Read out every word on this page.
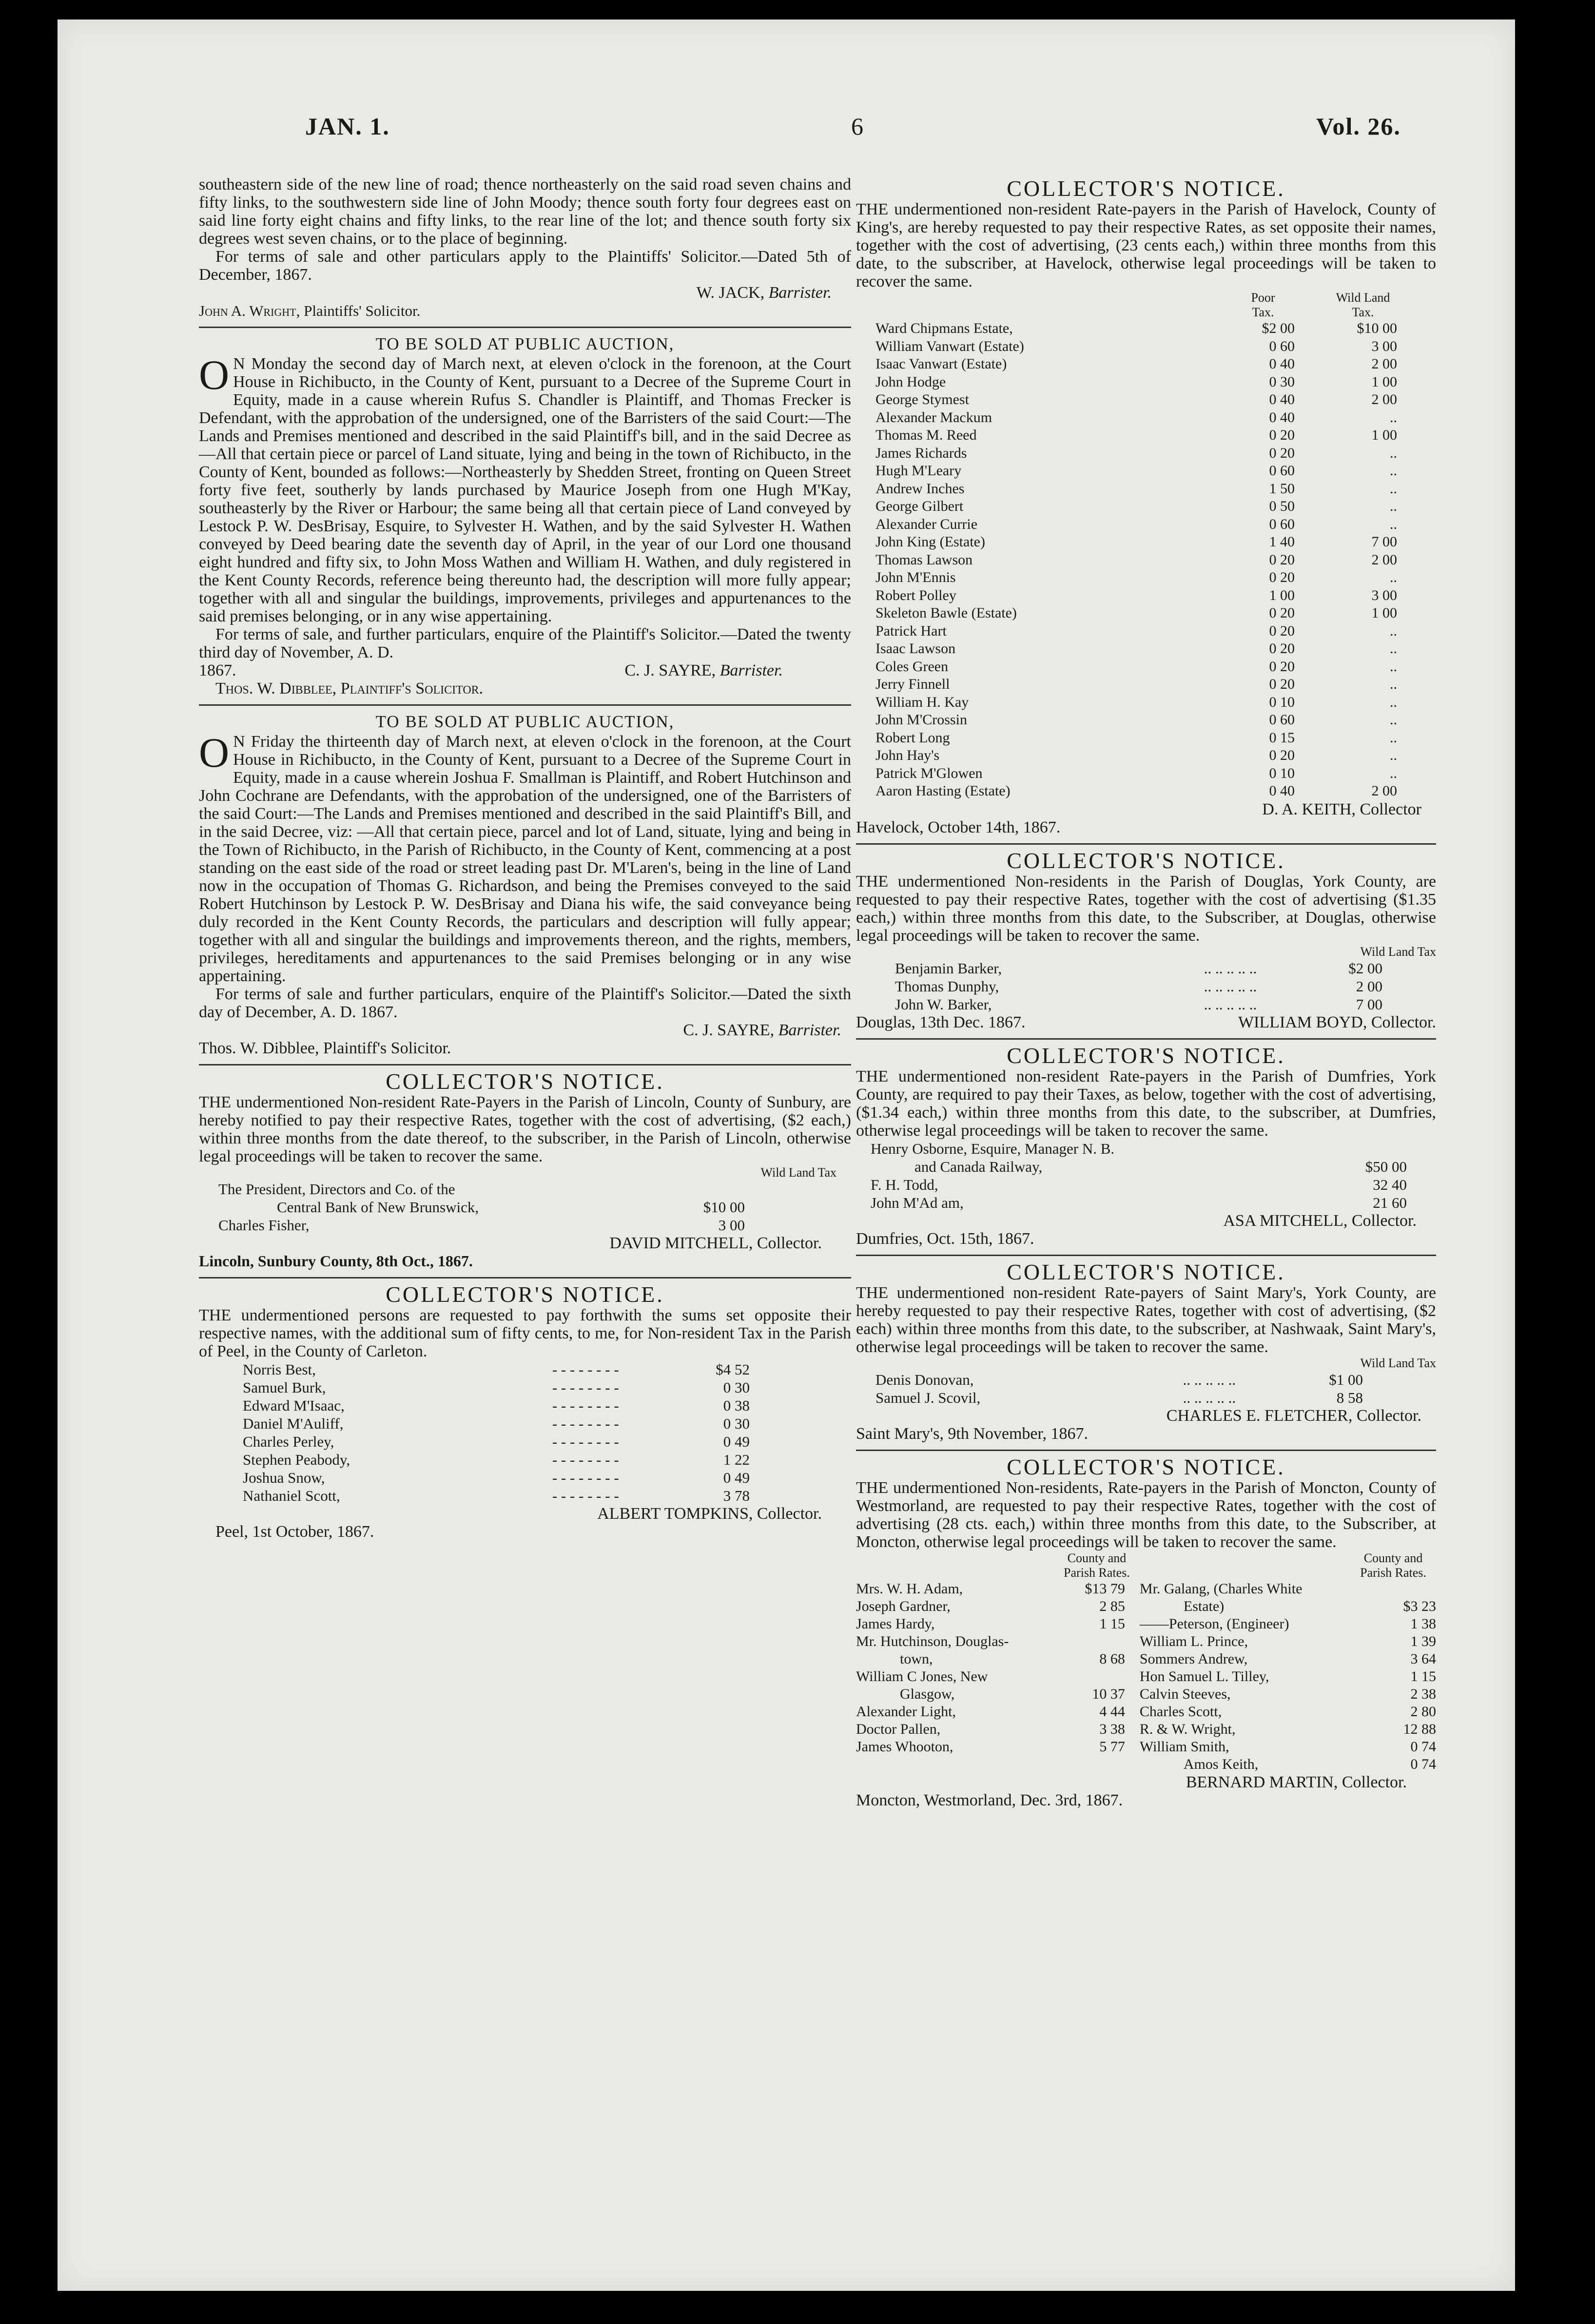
JAN. 1.	6	Vol. 26.

southeastern side of the new line of road; thence northeasterly on the said road seven chains and fifty links, to the southwestern side line of John Moody; thence south forty four degrees east on said line forty eight chains and fifty links, to the rear line of the lot; and thence south forty six degrees west seven chains, or to the place of beginning.

For terms of sale and other particulars apply to the Plaintiffs' Solicitor.—Dated 5th of December, 1867.

W. JACK, Barrister.

John A. Wright, Plaintiffs' Solicitor.

TO BE SOLD AT PUBLIC AUCTION,

O N Monday the second day of March next, at eleven o'clock in the forenoon, at the Court House in Richibucto, in the County of Kent, pursuant to a Decree of the Supreme Court in Equity, made in a cause wherein Rufus S. Chandler is Plaintiff, and Thomas Frecker is Defendant, with the approbation of the undersigned, one of the Barristers of the said Court:—The Lands and Premises mentioned and described in the said Plaintiff's bill, and in the said Decree as—All that certain piece or parcel of Land situate, lying and being in the town of Richibucto, in the County of Kent, bounded as follows:—Northeasterly by Shedden Street, fronting on Queen Street forty five feet, southerly by lands purchased by Maurice Joseph from one Hugh M'Kay, southeasterly by the River or Harbour; the same being all that certain piece of Land conveyed by Lestock P. W. DesBrisay, Esquire, to Sylvester H. Wathen, and by the said Sylvester H. Wathen conveyed by Deed bearing date the seventh day of April, in the year of our Lord one thousand eight hundred and fifty six, to John Moss Wathen and William H. Wathen, and duly registered in the Kent County Records, reference being thereunto had, the description will more fully appear; together with all and singular the buildings, improvements, privileges and appurtenances to the said premises belonging, or in any wise appertaining.

For terms of sale, and further particulars, enquire of the Plaintiff's Solicitor.—Dated the twenty third day of November, A. D.

1867.	C. J. SAYRE, Barrister.

Thos. W. Dibblee, Plaintiff's Solicitor.

TO BE SOLD AT PUBLIC AUCTION,

O N Friday the thirteenth day of March next, at eleven o'clock in the forenoon, at the Court House in Richibucto, in the County of Kent, pursuant to a Decree of the Supreme Court in Equity, made in a cause wherein Joshua F. Smallman is Plaintiff, and Robert Hutchinson and John Cochrane are Defendants, with the approbation of the undersigned, one of the Barristers of the said Court:—The Lands and Premises mentioned and described in the said Plaintiff's Bill, and in the said Decree, viz: —All that certain piece, parcel and lot of Land, situate, lying and being in the Town of Richibucto, in the Parish of Richibucto, in the County of Kent, commencing at a post standing on the east side of the road or street leading past Dr. M'Laren's, being in the line of Land now in the occupation of Thomas G. Richardson, and being the Premises conveyed to the said Robert Hutchinson by Lestock P. W. DesBrisay and Diana his wife, the said conveyance being duly recorded in the Kent County Records, the particulars and description will fully appear; together with all and singular the buildings and improvements thereon, and the rights, members, privileges, hereditaments and appurtenances to the said Premises belonging or in any wise appertaining.

For terms of sale and further particulars, enquire of the Plaintiff's Solicitor.—Dated the sixth day of December, A. D. 1867.

C. J. SAYRE, Barrister.

Thos. W. Dibblee, Plaintiff's Solicitor.

COLLECTOR'S NOTICE.

THE undermentioned Non-resident Rate-Payers in the Parish of Lincoln, County of Sunbury, are hereby notified to pay their respective Rates, together with the cost of advertising, ($2 each,) within three months from the date thereof, to the subscriber, in the Parish of Lincoln, otherwise legal proceedings will be taken to recover the same.

Wild Land Tax

The President, Directors and Co. of the	
Central Bank of New Brunswick,	$10 00
Charles Fisher,	3 00

DAVID MITCHELL, Collector.

Lincoln, Sunbury County, 8th Oct., 1867.

COLLECTOR'S NOTICE.

THE undermentioned persons are requested to pay forthwith the sums set opposite their respective names, with the additional sum of fifty cents, to me, for Non-resident Tax in the Parish of Peel, in the County of Carleton.

Norris Best,	- - - - - - - -	$4 52
Samuel Burk,	- - - - - - - -	0 30
Edward M'Isaac,	- - - - - - - -	0 38
Daniel M'Auliff,	- - - - - - - -	0 30
Charles Perley,	- - - - - - - -	0 49
Stephen Peabody,	- - - - - - - -	1 22
Joshua Snow,	- - - - - - - -	0 49
Nathaniel Scott,	- - - - - - - -	3 78

ALBERT TOMPKINS, Collector.

Peel, 1st October, 1867.

COLLECTOR'S NOTICE.

THE undermentioned non-resident Rate-payers in the Parish of Havelock, County of King's, are hereby requested to pay their respective Rates, as set opposite their names, together with the cost of advertising, (23 cents each,) within three months from this date, to the subscriber, at Havelock, otherwise legal proceedings will be taken to recover the same.

	Poor	Wild Land
	Tax.	Tax.
Ward Chipmans Estate,	$2 00	$10 00
William Vanwart (Estate)	0 60	3 00
Isaac Vanwart (Estate)	0 40	2 00
John Hodge	0 30	1 00
George Stymest	0 40	2 00
Alexander Mackum	0 40	..
Thomas M. Reed	0 20	1 00
James Richards	0 20	..
Hugh M'Leary	0 60	..
Andrew Inches	1 50	..
George Gilbert	0 50	..
Alexander Currie	0 60	..
John King (Estate)	1 40	7 00
Thomas Lawson	0 20	2 00
John M'Ennis	0 20	..
Robert Polley	1 00	3 00
Skeleton Bawle (Estate)	0 20	1 00
Patrick Hart	0 20	..
Isaac Lawson	0 20	..
Coles Green	0 20	..
Jerry Finnell	0 20	..
William H. Kay	0 10	..
John M'Crossin	0 60	..
Robert Long	0 15	..
John Hay's	0 20	..
Patrick M'Glowen	0 10	..
Aaron Hasting (Estate)	0 40	2 00

D. A. KEITH, Collector

Havelock, October 14th, 1867.

COLLECTOR'S NOTICE.

THE undermentioned Non-residents in the Parish of Douglas, York County, are requested to pay their respective Rates, together with the cost of advertising ($1.35 each,) within three months from this date, to the Subscriber, at Douglas, otherwise legal proceedings will be taken to recover the same.

Wild Land Tax

Benjamin Barker,	.. .. .. .. ..	$2 00
Thomas Dunphy,	.. .. .. .. ..	2 00
John W. Barker,	.. .. .. .. ..	7 00

Douglas, 13th Dec. 1867.	WILLIAM BOYD, Collector.

COLLECTOR'S NOTICE.

THE undermentioned non-resident Rate-payers in the Parish of Dumfries, York County, are required to pay their Taxes, as below, together with the cost of advertising, ($1.34 each,) within three months from this date, to the subscriber, at Dumfries, otherwise legal proceedings will be taken to recover the same.

Henry Osborne, Esquire, Manager N. B.	
and Canada Railway,	$50 00
F. H. Todd,	32 40
John M'Ad am,	21 60

ASA MITCHELL, Collector.

Dumfries, Oct. 15th, 1867.

COLLECTOR'S NOTICE.

THE undermentioned non-resident Rate-payers of Saint Mary's, York County, are hereby requested to pay their respective Rates, together with cost of advertising, ($2 each) within three months from this date, to the subscriber, at Nashwaak, Saint Mary's, otherwise legal proceedings will be taken to recover the same.

Wild Land Tax

Denis Donovan,	.. .. .. .. ..	$1 00
Samuel J. Scovil,	.. .. .. .. ..	8 58

CHARLES E. FLETCHER, Collector.

Saint Mary's, 9th November, 1867.

COLLECTOR'S NOTICE.

THE undermentioned Non-residents, Rate-payers in the Parish of Moncton, County of Westmorland, are requested to pay their respective Rates, together with the cost of advertising (28 cts. each,) within three months from this date, to the Subscriber, at Moncton, otherwise legal proceedings will be taken to recover the same.

	County and		County and
	Parish Rates.		Parish Rates.
Mrs. W. H. Adam,	$13 79	Mr. Galang, (Charles White	
Joseph Gardner,	2 85	Estate)	$3 23
James Hardy,	1 15	——Peterson, (Engineer)	1 38
Mr. Hutchinson, Douglas-		William L. Prince,	1 39
town,	8 68	Sommers Andrew,	3 64
William C Jones, New		Hon Samuel L. Tilley,	1 15
Glasgow,	10 37	Calvin Steeves,	2 38
Alexander Light,	4 44	Charles Scott,	2 80
Doctor Pallen,	3 38	R. & W. Wright,	12 88
James Whooton,	5 77	William Smith,	0 74
		Amos Keith,	0 74

BERNARD MARTIN, Collector.

Moncton, Westmorland, Dec. 3rd, 1867.
